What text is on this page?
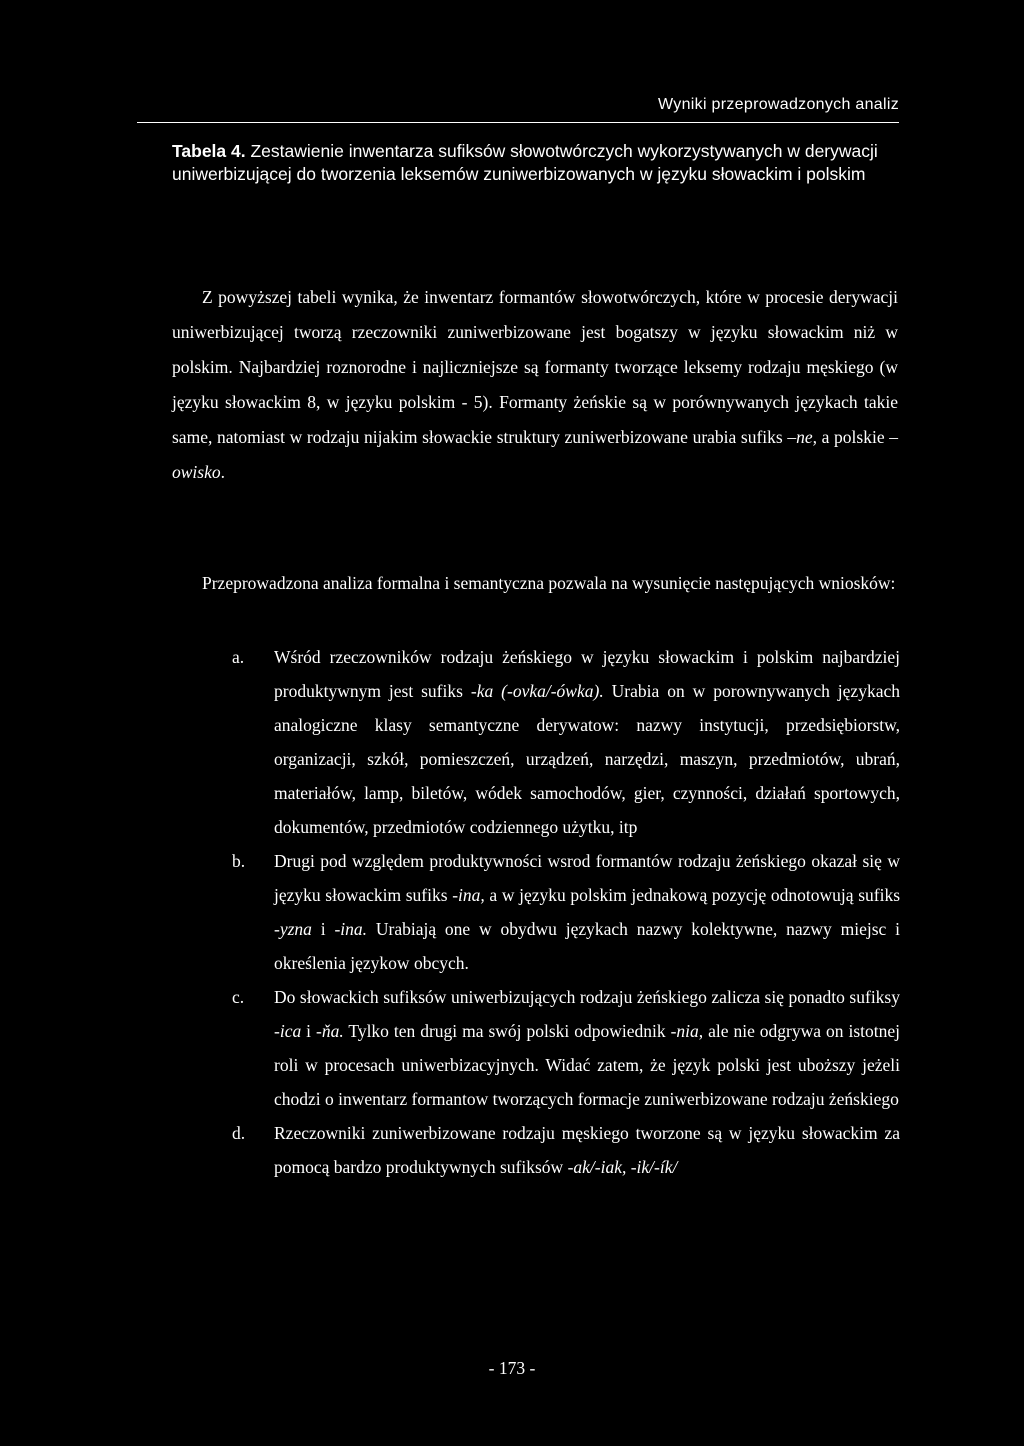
Wyniki przeprowadzonych analiz
Tabela 4. Zestawienie inwentarza sufiksów słowotwórczych wykorzystywanych w derywacji uniwerbizującej do tworzenia leksemów zuniwerbizowanych w języku słowackim i polskim
Z powyższej tabeli wynika, że inwentarz formantów słowotwórczych, które w procesie derywacji uniwerbizującej tworzą rzeczowniki zuniwerbizowane jest bogatszy w języku słowackim niż w polskim. Najbardziej roznorodne i najliczniejsze są formanty tworzące leksemy rodzaju męskiego (w języku słowackim 8, w języku polskim - 5). Formanty żeńskie są w porównywanych językach takie same, natomiast w rodzaju nijakim słowackie struktury zuniwerbizowane urabia sufiks –ne, a polskie –owisko.
Przeprowadzona analiza formalna i semantyczna pozwala na wysunięcie następujących wniosków:
a. Wśród rzeczowników rodzaju żeńskiego w języku słowackim i polskim najbardziej produktywnym jest sufiks -ka (-ovka/-ówka). Urabia on w porownywanych językach analogiczne klasy semantyczne derywatow: nazwy instytucji, przedsiębiorstw, organizacji, szkół, pomieszczeń, urządzeń, narzędzi, maszyn, przedmiotów, ubrań, materiałów, lamp, biletów, wódek samochodów, gier, czynności, działań sportowych, dokumentów, przedmiotów codziennego użytku, itp
b. Drugi pod względem produktywności wsrod formantów rodzaju żeńskiego okazał się w języku słowackim sufiks -ina, a w języku polskim jednakową pozycję odnotowują sufiks -yzna i -ina. Urabiają one w obydwu językach nazwy kolektywne, nazwy miejsc i określenia językow obcych.
c. Do słowackich sufiksów uniwerbizujących rodzaju żeńskiego zalicza się ponadto sufiksy -ica i -ňa. Tylko ten drugi ma swój polski odpowiednik -nia, ale nie odgrywa on istotnej roli w procesach uniwerbizacyjnych. Widać zatem, że język polski jest uboższy jeżeli chodzi o inwentarz formantow tworzących formacje zuniwerbizowane rodzaju żeńskiego
d. Rzeczowniki zuniwerbizowane rodzaju męskiego tworzone są w języku słowackim za pomocą bardzo produktywnych sufiksów -ak/-iak, -ik/-ík/
- 173 -
